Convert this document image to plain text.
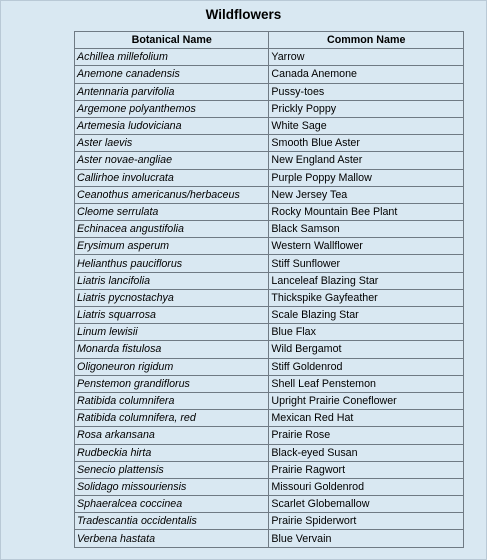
Wildflowers
Botanical Name	Common Name
Achillea millefolium	Yarrow
Anemone canadensis	Canada Anemone
Antennaria parvifolia	Pussy-toes
Argemone polyanthemos	Prickly Poppy
Artemesia ludoviciana	White Sage
Aster laevis	Smooth Blue Aster
Aster novae-angliae	New England Aster
Callirhoe involucrata	Purple Poppy Mallow
Ceanothus americanus/herbaceus	New Jersey Tea
Cleome serrulata	Rocky Mountain Bee Plant
Echinacea angustifolia	Black Samson
Erysimum asperum	Western Wallflower
Helianthus pauciflorus	Stiff Sunflower
Liatris lancifolia	Lanceleaf Blazing Star
Liatris pycnostachya	Thickspike Gayfeather
Liatris squarrosa	Scale Blazing Star
Linum lewisii	Blue Flax
Monarda fistulosa	Wild Bergamot
Oligoneuron rigidum	Stiff Goldenrod
Penstemon grandiflorus	Shell Leaf Penstemon
Ratibida columnifera	Upright Prairie Coneflower
Ratibida columnifera, red	Mexican Red Hat
Rosa arkansana	Prairie Rose
Rudbeckia hirta	Black-eyed Susan
Senecio plattensis	Prairie Ragwort
Solidago missouriensis	Missouri Goldenrod
Sphaeralcea coccinea	Scarlet Globemallow
Tradescantia occidentalis	Prairie Spiderwort
Verbena hastata	Blue Vervain
